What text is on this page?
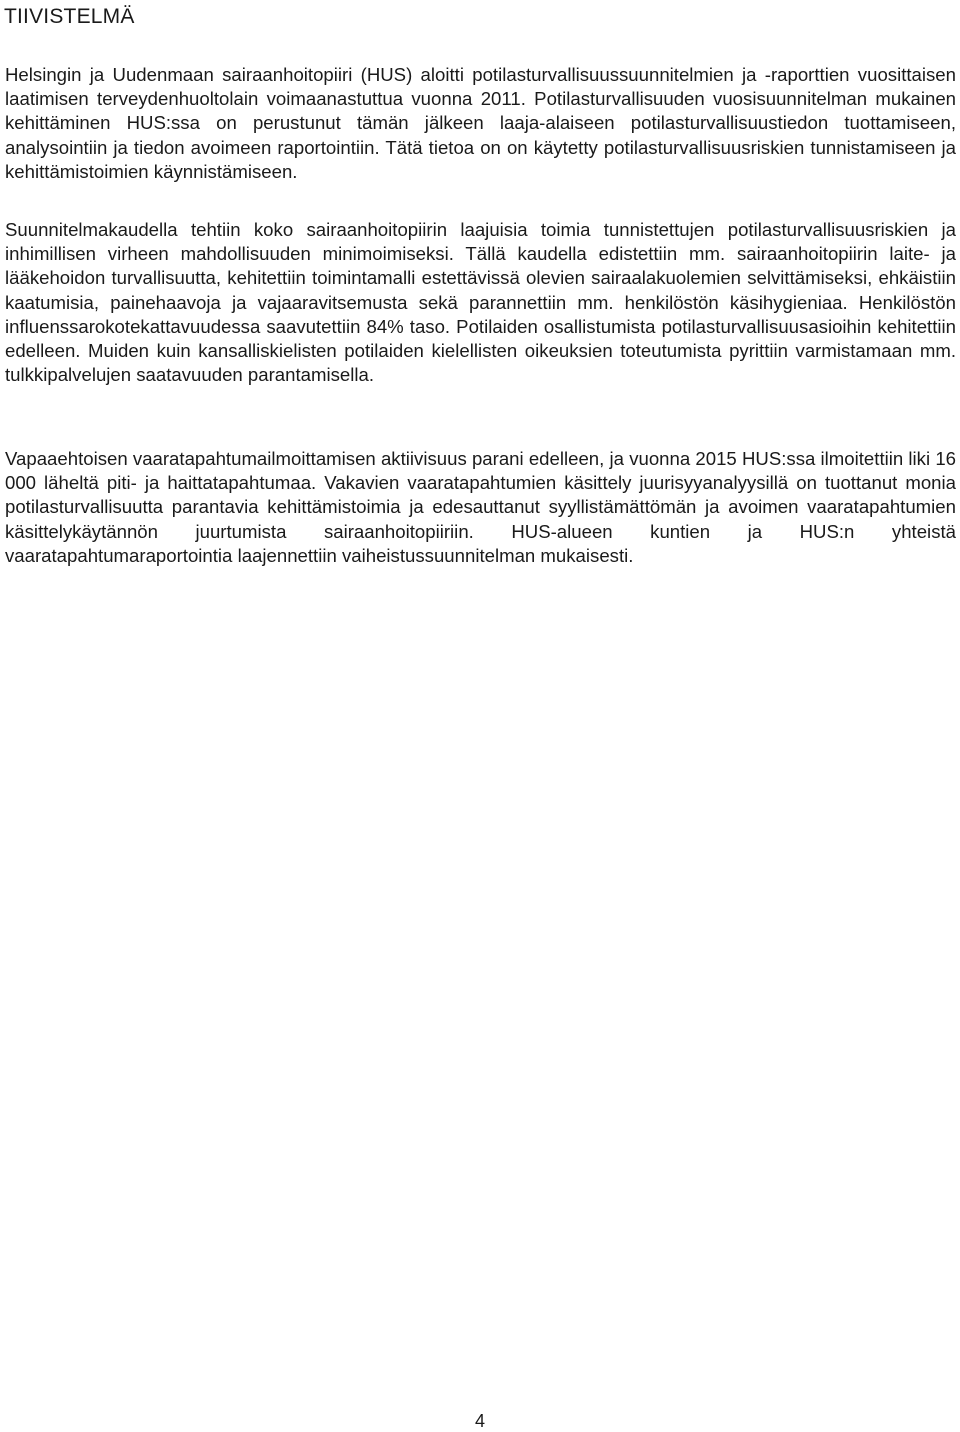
TIIVISTELMÄ

Helsingin ja Uudenmaan sairaanhoitopiiri (HUS) aloitti potilasturvallisuussuunnitelmien ja -raporttien vuosittaisen laatimisen terveydenhuoltolain voimaanastuttua vuonna 2011. Potilasturvallisuuden vuosisuunnitelman mukainen kehittäminen HUS:ssa on perustunut tämän jälkeen laaja-alaiseen potilasturvallisuustiedon tuottamiseen, analysointiin ja tiedon avoimeen raportointiin. Tätä tietoa on on käytetty potilasturvallisuusriskien tunnistamiseen ja kehittämistoimien käynnistämiseen.

Suunnitelmakaudella tehtiin koko sairaanhoitopiirin laajuisia toimia tunnistettujen potilasturvallisuusriskien ja inhimillisen virheen mahdollisuuden minimoimiseksi. Tällä kaudella edistettiin mm. sairaanhoitopiirin laite- ja lääkehoidon turvallisuutta, kehitettiin toimintamalli estettävissä olevien sairaalakuolemien selvittämiseksi, ehkäistiin kaatumisia, painehaavoja ja vajaaravitsemusta sekä parannettiin mm. henkilöstön käsihygieniaa. Henkilöstön influenssarokotekattavuudessa saavutettiin 84% taso. Potilaiden osallistumista potilasturvallisuusasioihin kehitettiin edelleen. Muiden kuin kansalliskielisten potilaiden kielellisten oikeuksien toteutumista pyrittiin varmistamaan mm. tulkkipalvelujen saatavuuden parantamisella.

Vapaaehtoisen vaaratapahtumailmoittamisen aktiivisuus parani edelleen, ja vuonna 2015 HUS:ssa ilmoitettiin liki 16 000 läheltä piti- ja haittatapahtumaa. Vakavien vaaratapahtumien käsittely juurisyyanalyysillä on tuottanut monia potilasturvallisuutta parantavia kehittämistoimia ja edesauttanut syyllistämättömän ja avoimen vaaratapahtumien käsittelykäytännön juurtumista sairaanhoitopiiriin. HUS-alueen kuntien ja HUS:n yhteistä vaaratapahtumaraportointia laajennettiin vaiheistussuunnitelman mukaisesti.

4
